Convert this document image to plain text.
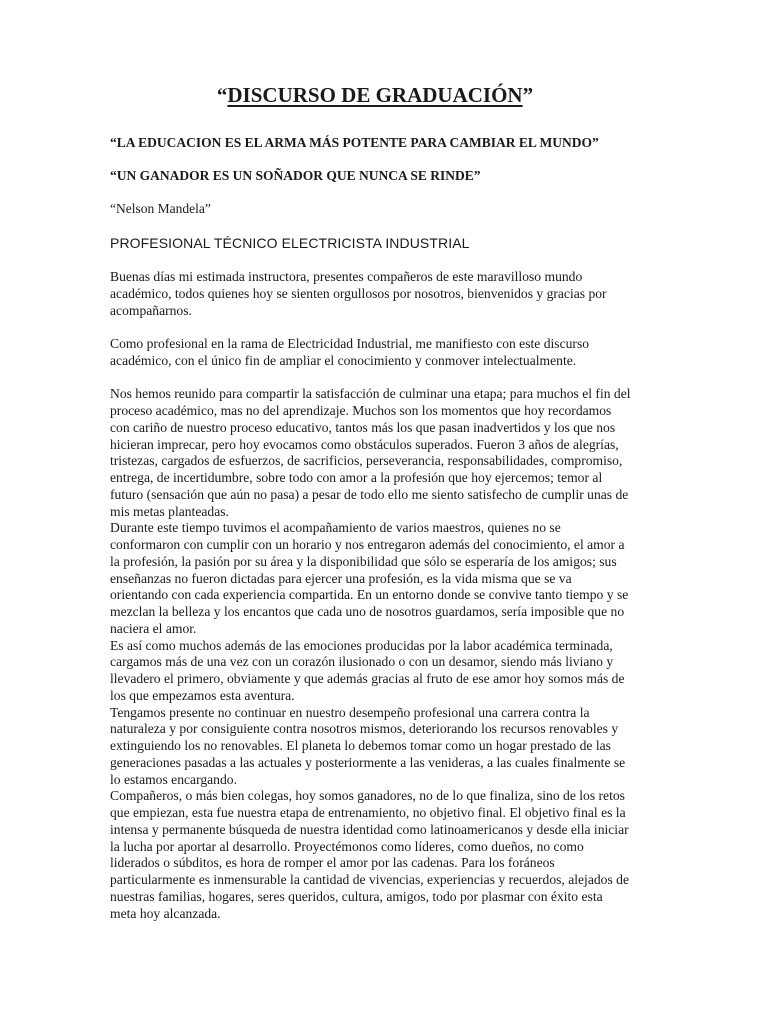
“DISCURSO DE GRADUACIÓN”

“LA EDUCACION ES EL ARMA MÁS POTENTE PARA CAMBIAR EL MUNDO”

“UN GANADOR ES UN SOÑADOR QUE NUNCA SE RINDE”

“Nelson Mandela”

PROFESIONAL TÉCNICO ELECTRICISTA INDUSTRIAL

Buenas días mi estimada instructora, presentes compañeros de este maravilloso mundo académico, todos quienes hoy se sienten orgullosos por nosotros, bienvenidos y gracias por acompañarnos.

Como profesional en la rama de Electricidad Industrial, me manifiesto con este discurso académico, con el único fin de ampliar el conocimiento y conmover intelectualmente.

Nos hemos reunido para compartir la satisfacción de culminar una etapa; para muchos el fin del proceso académico, mas no del aprendizaje. Muchos son los momentos que hoy recordamos con cariño de nuestro proceso educativo, tantos más los que pasan inadvertidos y los que nos hicieran imprecar, pero hoy evocamos como obstáculos superados. Fueron 3 años de alegrías, tristezas, cargados de esfuerzos, de sacrificios, perseverancia, responsabilidades, compromiso, entrega, de incertidumbre, sobre todo con amor a la profesión que hoy ejercemos; temor al futuro (sensación que aún no pasa) a pesar de todo ello me siento satisfecho de cumplir unas de mis metas planteadas.

Durante este tiempo tuvimos el acompañamiento de varios maestros, quienes no se conformaron con cumplir con un horario y nos entregaron además del conocimiento, el amor a la profesión, la pasión por su área y la disponibilidad que sólo se esperaría de los amigos; sus enseñanzas no fueron dictadas para ejercer una profesión, es la vida misma que se va orientando con cada experiencia compartida. En un entorno donde se convive tanto tiempo y se mezclan la belleza y los encantos que cada uno de nosotros guardamos, sería imposible que no naciera el amor.

Es así como muchos además de las emociones producidas por la labor académica terminada, cargamos más de una vez con un corazón ilusionado o con un desamor, siendo más liviano y llevadero el primero, obviamente y que además gracias al fruto de ese amor hoy somos más de los que empezamos esta aventura.

Tengamos presente no continuar en nuestro desempeño profesional una carrera contra la naturaleza y por consiguiente contra nosotros mismos, deteriorando los recursos renovables y extinguiendo los no renovables. El planeta lo debemos tomar como un hogar prestado de las generaciones pasadas a las actuales y posteriormente a las venideras, a las cuales finalmente se lo estamos encargando.

Compañeros, o más bien colegas, hoy somos ganadores, no de lo que finaliza, sino de los retos que empiezan, esta fue nuestra etapa de entrenamiento, no objetivo final. El objetivo final es la intensa y permanente búsqueda de nuestra identidad como latinoamericanos y desde ella iniciar la lucha por aportar al desarrollo. Proyectémonos como líderes, como dueños, no como liderados o súbditos, es hora de romper el amor por las cadenas. Para los foráneos particularmente es inmensurable la cantidad de vivencias, experiencias y recuerdos, alejados de nuestras familias, hogares, seres queridos, cultura, amigos, todo por plasmar con éxito esta meta hoy alcanzada.
